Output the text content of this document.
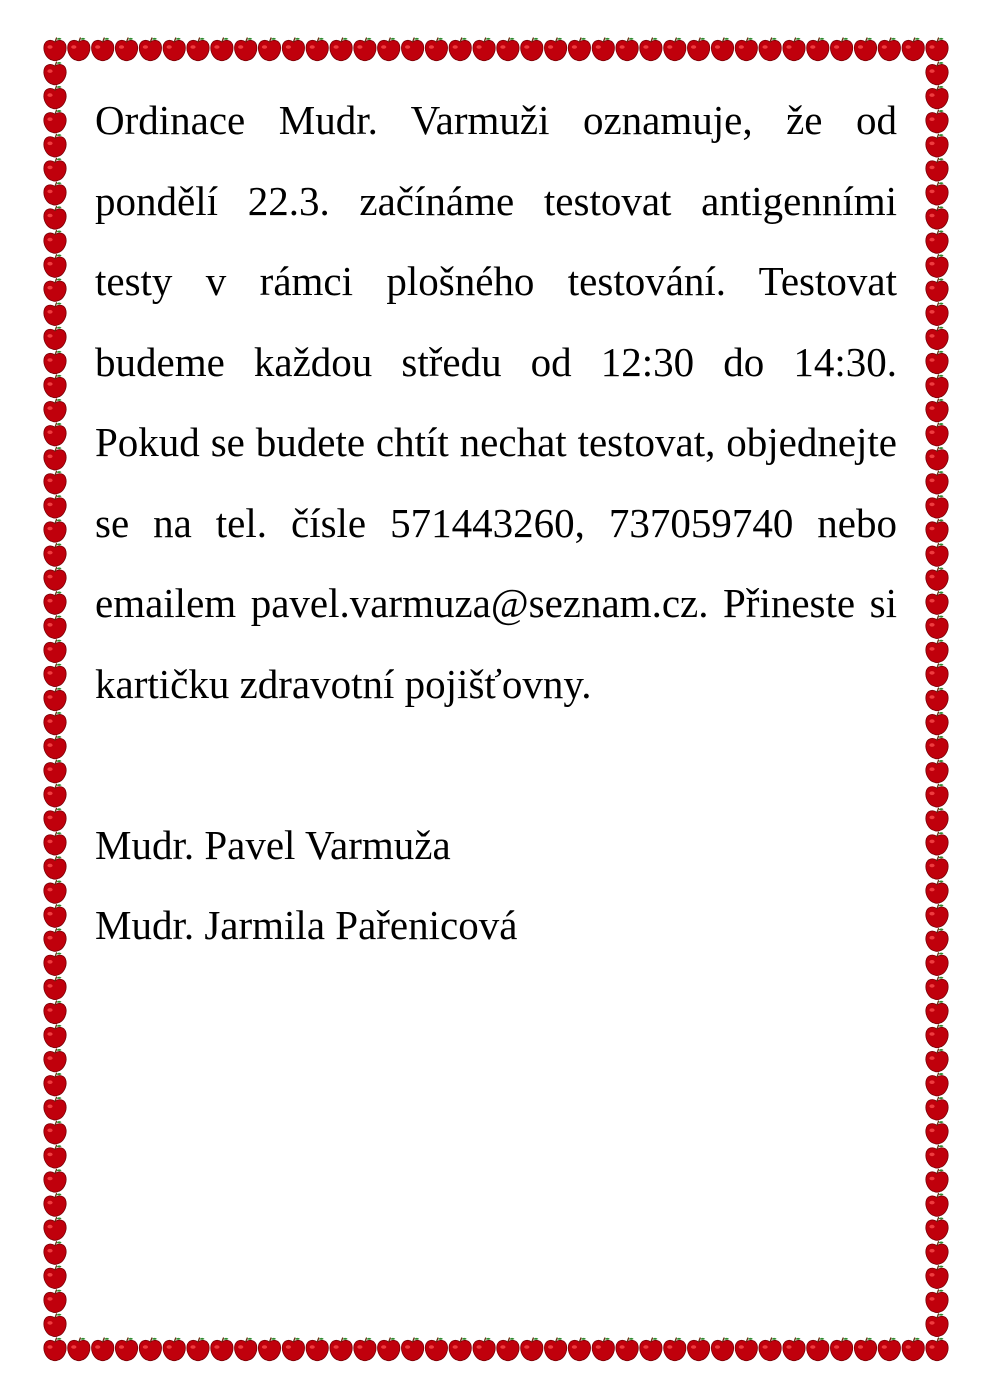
Ordinace Mudr. Varmuži oznamuje, že od pondělí 22.3. začínáme testovat antigenními testy v rámci plošného testování. Testovat budeme každou středu od 12:30 do 14:30. Pokud se budete chtít nechat testovat, objednejte se na tel. čísle 571443260, 737059740 nebo emailem pavel.varmuza@seznam.cz. Přineste si kartičku zdravotní pojišťovny.

Mudr. Pavel Varmuža

Mudr. Jarmila Pařenicová
